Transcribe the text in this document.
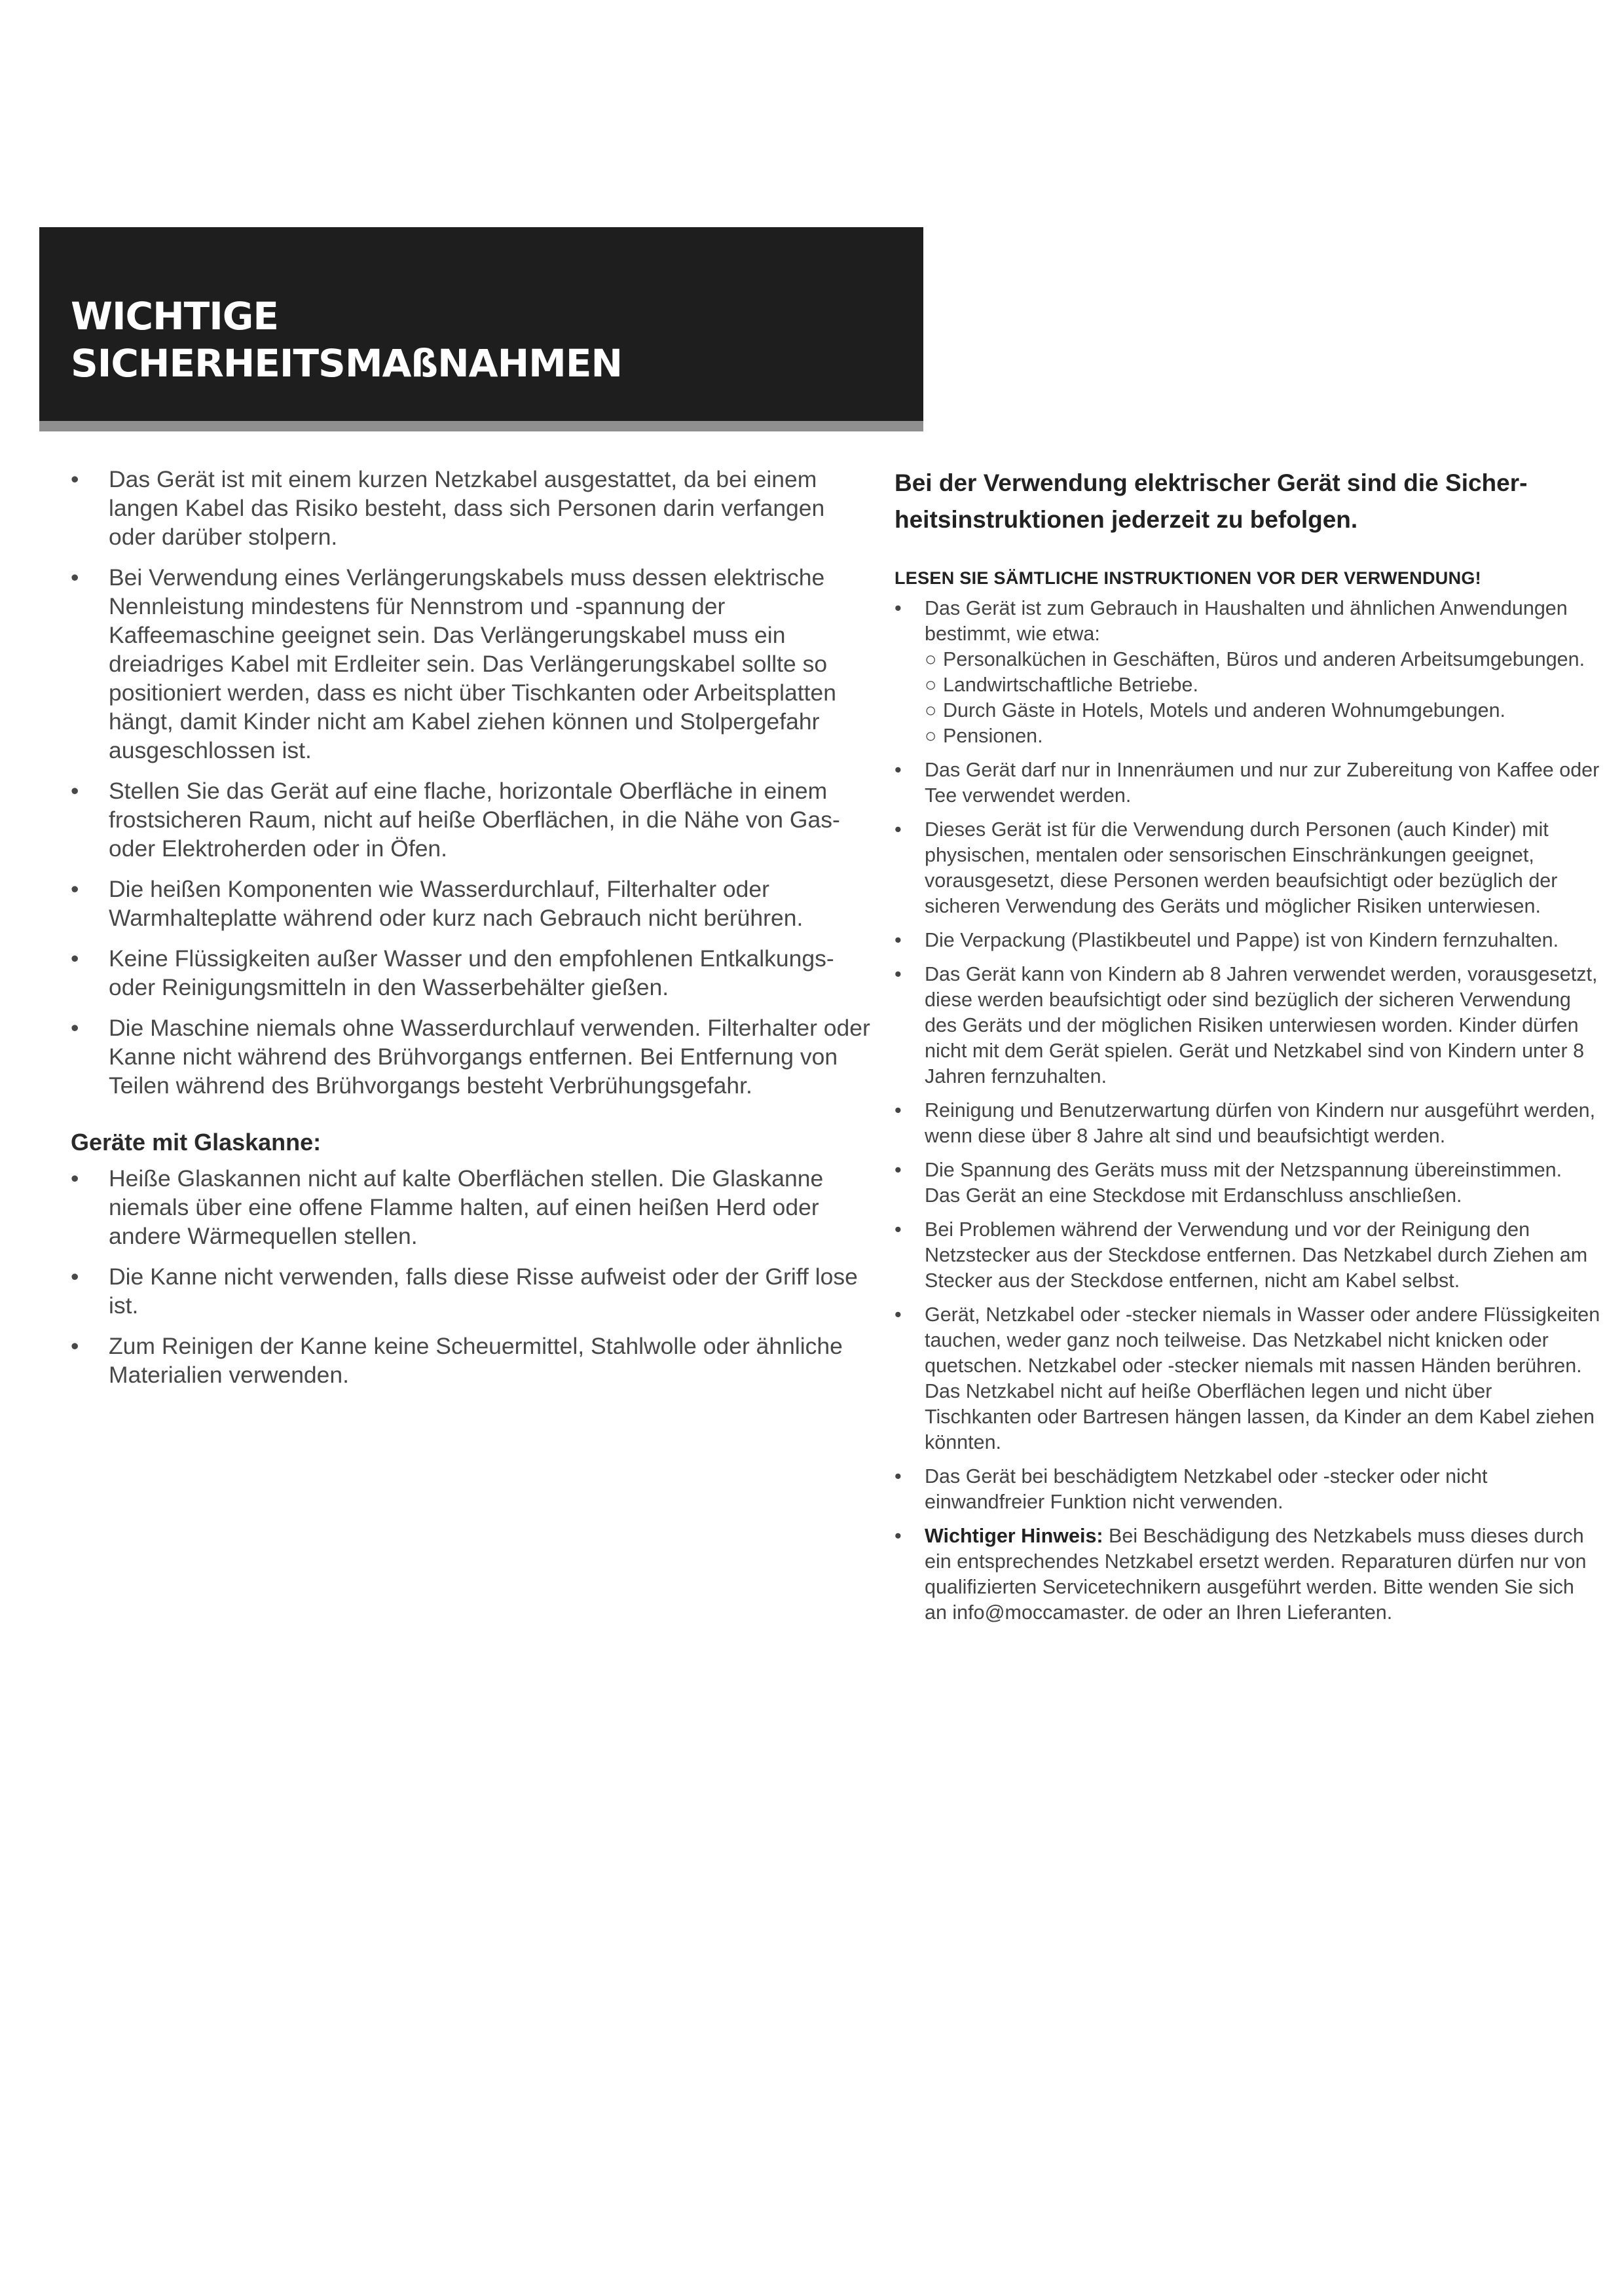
WICHTIGE
SICHERHEITSMAßNAHMEN
• Das Gerät ist mit einem kurzen Netzkabel ausgestattet, da bei einem langen Kabel das Risiko besteht, dass sich Personen darin verfangen oder darüber stolpern.
• Bei Verwendung eines Verlängerungskabels muss dessen elektrische Nennleistung mindestens für Nennstrom und -spannung der Kaffeemaschine geeignet sein. Das Verlängerungskabel muss ein dreiadriges Kabel mit Erdleiter sein. Das Verlängerungskabel sollte so positioniert werden, dass es nicht über Tischkanten oder Arbeitsplatten hängt, damit Kinder nicht am Kabel ziehen können und Stolpergefahr ausgeschlossen ist.
• Stellen Sie das Gerät auf eine flache, horizontale Oberfläche in einem frostsicheren Raum, nicht auf heiße Oberflächen, in die Nähe von Gas- oder Elektroherden oder in Öfen.
• Die heißen Komponenten wie Wasserdurchlauf, Filterhalter oder Warmhalteplatte während oder kurz nach Gebrauch nicht berühren.
• Keine Flüssigkeiten außer Wasser und den empfohlenen Entkalkungs- oder Reinigungsmitteln in den Wasserbehälter gießen.
• Die Maschine niemals ohne Wasserdurchlauf verwenden. Filterhalter oder Kanne nicht während des Brühvorgangs entfernen. Bei Entfernung von Teilen während des Brühvorgangs besteht Verbrühungsgefahr.
Geräte mit Glaskanne:
• Heiße Glaskannen nicht auf kalte Oberflächen stellen. Die Glaskanne niemals über eine offene Flamme halten, auf einen heißen Herd oder andere Wärmequellen stellen.
• Die Kanne nicht verwenden, falls diese Risse aufweist oder der Griff lose ist.
• Zum Reinigen der Kanne keine Scheuermittel, Stahlwolle oder ähnliche Materialien verwenden.
Bei der Verwendung elektrischer Gerät sind die Sicher-
heitsinstruktionen jederzeit zu befolgen.
LESEN SIE SÄMTLICHE INSTRUKTIONEN VOR DER VERWENDUNG!
• Das Gerät ist zum Gebrauch in Haushalten und ähnlichen Anwendungen bestimmt, wie etwa:
○ Personalküchen in Geschäften, Büros und anderen Arbeitsumgebungen.
○ Landwirtschaftliche Betriebe.
○ Durch Gäste in Hotels, Motels und anderen Wohnumgebungen.
○ Pensionen.
• Das Gerät darf nur in Innenräumen und nur zur Zubereitung von Kaffee oder Tee verwendet werden.
• Dieses Gerät ist für die Verwendung durch Personen (auch Kinder) mit physischen, mentalen oder sensorischen Einschränkungen geeignet, vorausgesetzt, diese Personen werden beaufsichtigt oder bezüglich der sicheren Verwendung des Geräts und möglicher Risiken unterwiesen.
• Die Verpackung (Plastikbeutel und Pappe) ist von Kindern fernzuhalten.
• Das Gerät kann von Kindern ab 8 Jahren verwendet werden, vorausgesetzt, diese werden beaufsichtigt oder sind bezüglich der sicheren Verwendung des Geräts und der möglichen Risiken unterwiesen worden. Kinder dürfen nicht mit dem Gerät spielen. Gerät und Netzkabel sind von Kindern unter 8 Jahren fernzuhalten.
• Reinigung und Benutzerwartung dürfen von Kindern nur ausgeführt werden, wenn diese über 8 Jahre alt sind und beaufsichtigt werden.
• Die Spannung des Geräts muss mit der Netzspannung übereinstimmen. Das Gerät an eine Steckdose mit Erdanschluss anschließen.
• Bei Problemen während der Verwendung und vor der Reinigung den Netzstecker aus der Steckdose entfernen. Das Netzkabel durch Ziehen am Stecker aus der Steckdose entfernen, nicht am Kabel selbst.
• Gerät, Netzkabel oder -stecker niemals in Wasser oder andere Flüssigkeiten tauchen, weder ganz noch teilweise. Das Netzkabel nicht knicken oder quetschen. Netzkabel oder -stecker niemals mit nassen Händen berühren. Das Netzkabel nicht auf heiße Oberflächen legen und nicht über Tischkanten oder Bartresen hängen lassen, da Kinder an dem Kabel ziehen könnten.
• Das Gerät bei beschädigtem Netzkabel oder -stecker oder nicht einwandfreier Funktion nicht verwenden.
• Wichtiger Hinweis: Bei Beschädigung des Netzkabels muss dieses durch ein entsprechendes Netzkabel ersetzt werden. Reparaturen dürfen nur von qualifizierten Servicetechnikern ausgeführt werden. Bitte wenden Sie sich an info@moccamaster. de oder an Ihren Lieferanten.
